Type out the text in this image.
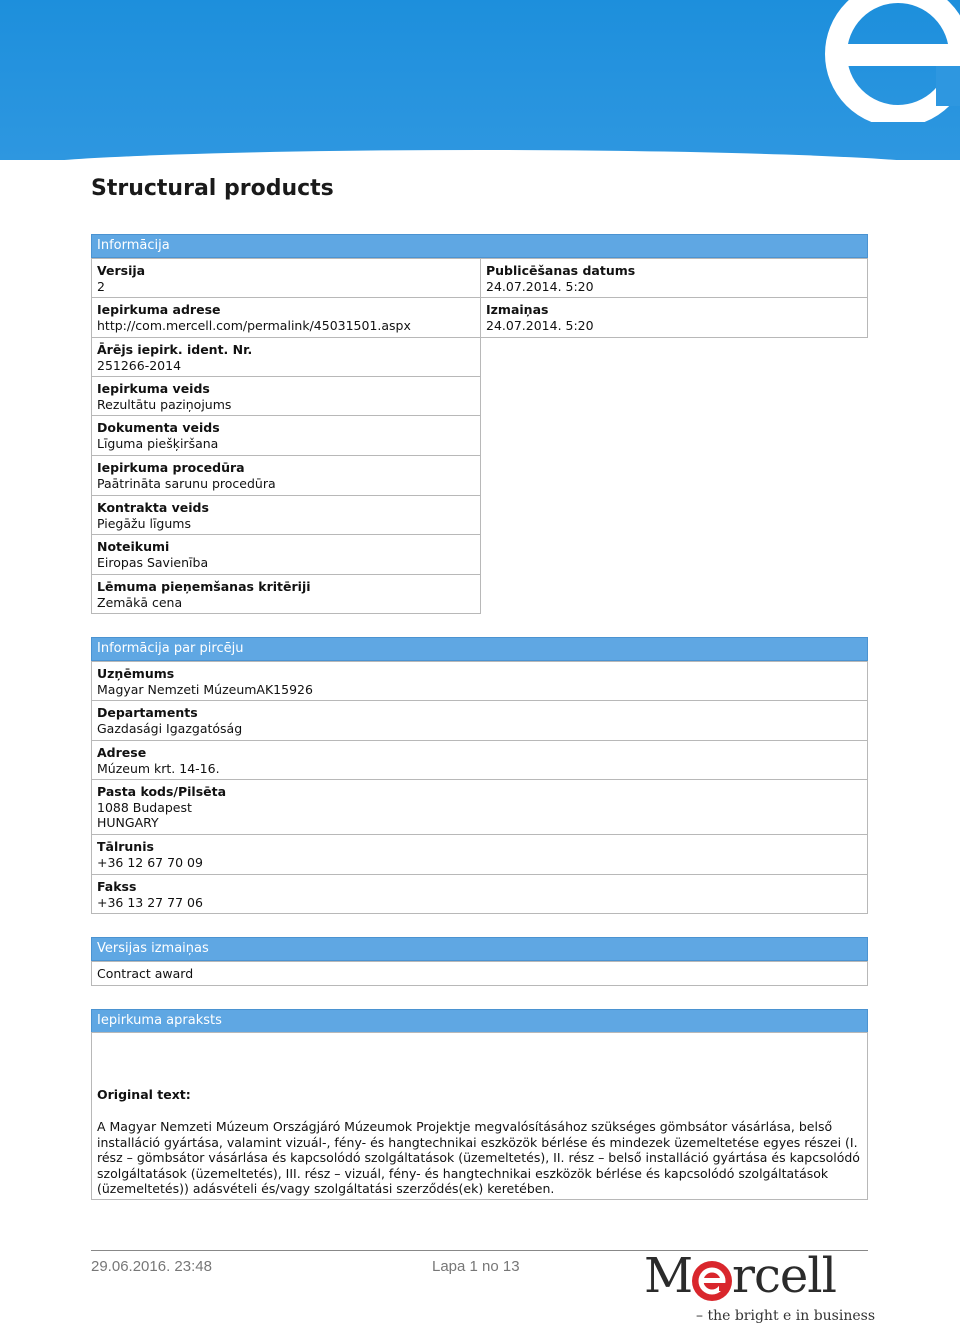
Structural products
Informācija
Versija
2
Iepirkuma adrese
http://com.mercell.com/permalink/45031501.aspx
Ārējs iepirk. ident. Nr.
251266-2014
Iepirkuma veids
Rezultātu paziņojums
Dokumenta veids
Līguma piešķiršana
Iepirkuma procedūra
Paātrināta sarunu procedūra
Kontrakta veids
Piegāžu līgums
Noteikumi
Eiropas Savienība
Lēmuma pieņemšanas kritēriji
Zemākā cena
Publicēšanas datums
24.07.2014. 5:20
Izmaiņas
24.07.2014. 5:20
Informācija par pircēju
Uzņēmums
Magyar Nemzeti MúzeumAK15926
Departaments
Gazdasági Igazgatóság
Adrese
Múzeum krt. 14-16.
Pasta kods/Pilsēta
1088 Budapest
HUNGARY
Tālrunis
+36 12 67 70 09
Fakss
+36 13 27 77 06
Versijas izmaiņas
Contract award
Iepirkuma apraksts
Original text:
A Magyar Nemzeti Múzeum Országjáró Múzeumok Projektje megvalósításához szükséges gömbsátor vásárlása, belső installáció gyártása, valamint vizuál-, fény- és hangtechnikai eszközök bérlése és mindezek üzemeltetése egyes részei (I. rész – gömbsátor vásárlása és kapcsolódó szolgáltatások (üzemeltetés), II. rész – belső installáció gyártása és kapcsolódó szolgáltatások (üzemeltetés), III. rész – vizuál, fény- és hangtechnikai eszközök bérlése és kapcsolódó szolgáltatások (üzemeltetés)) adásvételi és/vagy szolgáltatási szerződés(ek) keretében.
29.06.2016. 23:48	Lapa 1 no 13	M rcell
– the bright e in business
